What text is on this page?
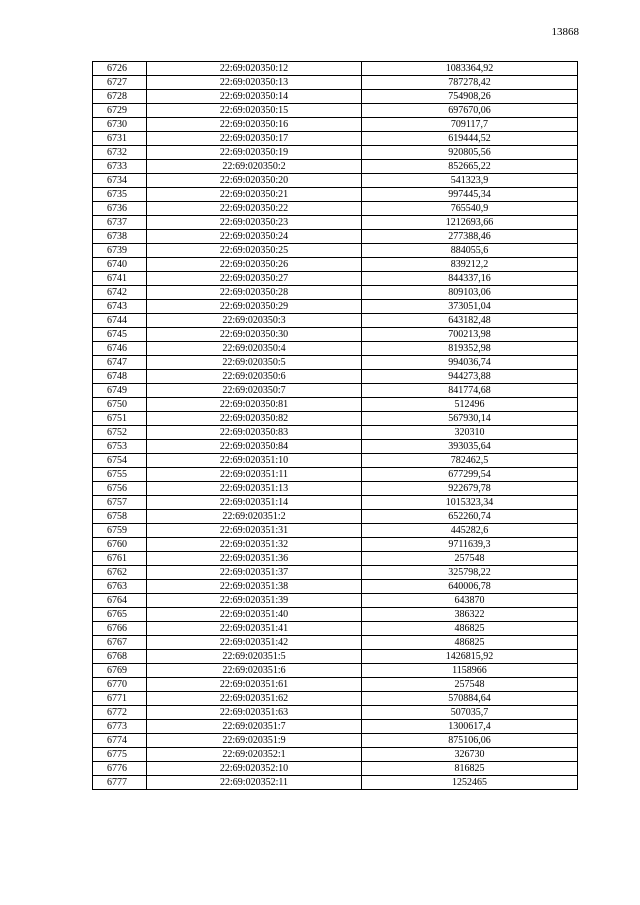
13868
6726	22:69:020350:12	1083364,92
6727	22:69:020350:13	787278,42
6728	22:69:020350:14	754908,26
6729	22:69:020350:15	697670,06
6730	22:69:020350:16	709117,7
6731	22:69:020350:17	619444,52
6732	22:69:020350:19	920805,56
6733	22:69:020350:2	852665,22
6734	22:69:020350:20	541323,9
6735	22:69:020350:21	997445,34
6736	22:69:020350:22	765540,9
6737	22:69:020350:23	1212693,66
6738	22:69:020350:24	277388,46
6739	22:69:020350:25	884055,6
6740	22:69:020350:26	839212,2
6741	22:69:020350:27	844337,16
6742	22:69:020350:28	809103,06
6743	22:69:020350:29	373051,04
6744	22:69:020350:3	643182,48
6745	22:69:020350:30	700213,98
6746	22:69:020350:4	819352,98
6747	22:69:020350:5	994036,74
6748	22:69:020350:6	944273,88
6749	22:69:020350:7	841774,68
6750	22:69:020350:81	512496
6751	22:69:020350:82	567930,14
6752	22:69:020350:83	320310
6753	22:69:020350:84	393035,64
6754	22:69:020351:10	782462,5
6755	22:69:020351:11	677299,54
6756	22:69:020351:13	922679,78
6757	22:69:020351:14	1015323,34
6758	22:69:020351:2	652260,74
6759	22:69:020351:31	445282,6
6760	22:69:020351:32	9711639,3
6761	22:69:020351:36	257548
6762	22:69:020351:37	325798,22
6763	22:69:020351:38	640006,78
6764	22:69:020351:39	643870
6765	22:69:020351:40	386322
6766	22:69:020351:41	486825
6767	22:69:020351:42	486825
6768	22:69:020351:5	1426815,92
6769	22:69:020351:6	1158966
6770	22:69:020351:61	257548
6771	22:69:020351:62	570884,64
6772	22:69:020351:63	507035,7
6773	22:69:020351:7	1300617,4
6774	22:69:020351:9	875106,06
6775	22:69:020352:1	326730
6776	22:69:020352:10	816825
6777	22:69:020352:11	1252465
